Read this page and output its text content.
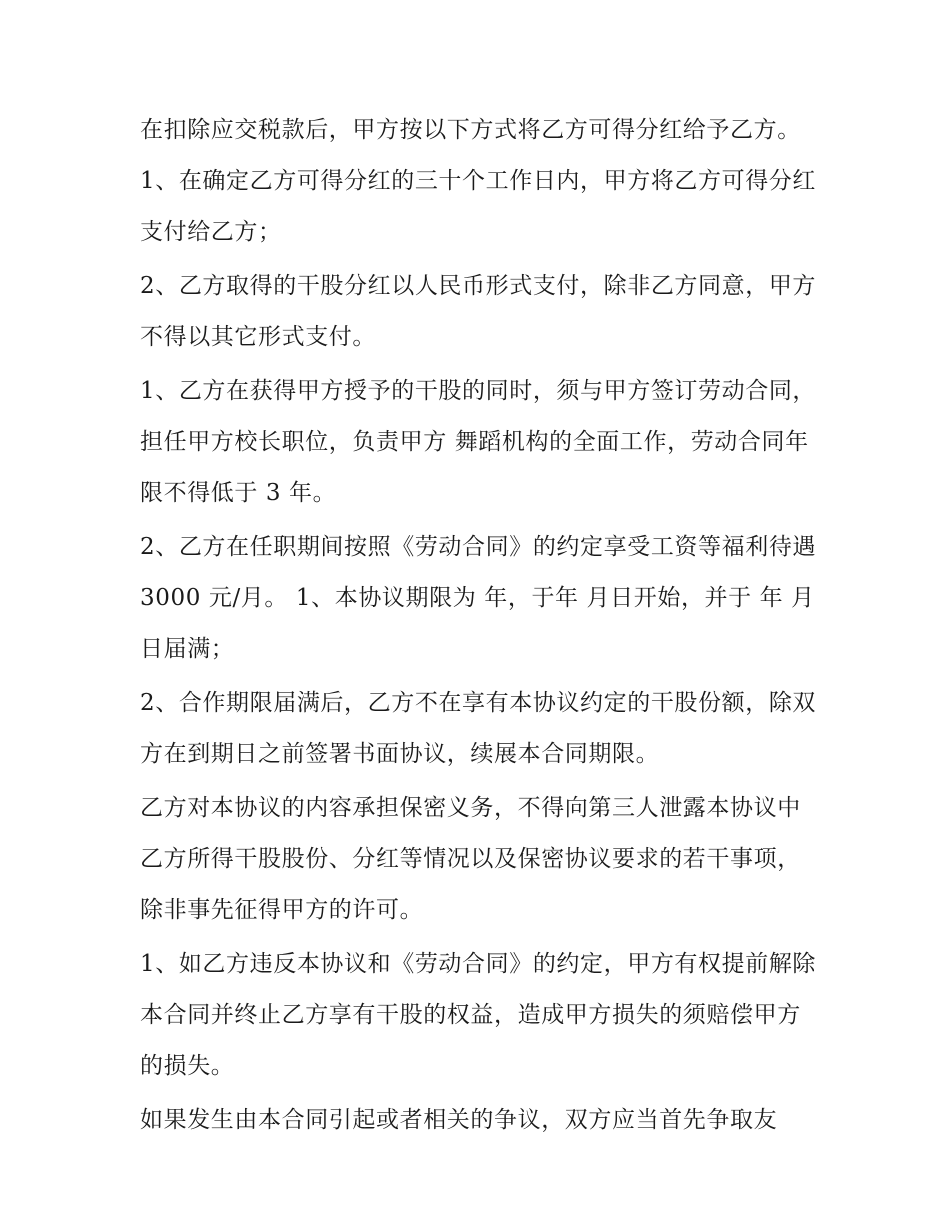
在扣除应交税款后，甲方按以下方式将乙方可得分红给予乙方。 1、在确定乙方可得分红的三十个工作日内，甲方将乙方可得分红支付给乙方；

2、乙方取得的干股分红以人民币形式支付，除非乙方同意，甲方不得以其它形式支付。

1、乙方在获得甲方授予的干股的同时，须与甲方签订劳动合同，担任甲方校长职位，负责甲方 舞蹈机构的全面工作，劳动合同年限不得低于 3 年。

2、乙方在任职期间按照《劳动合同》的约定享受工资等福利待遇 3000 元/月。 1、本协议期限为 年，于年 月日开始，并于 年 月日届满；

2、合作期限届满后，乙方不在享有本协议约定的干股份额，除双方在到期日之前签署书面协议，续展本合同期限。

乙方对本协议的内容承担保密义务，不得向第三人泄露本协议中乙方所得干股股份、分红等情况以及保密协议要求的若干事项，除非事先征得甲方的许可。

1、如乙方违反本协议和《劳动合同》的约定，甲方有权提前解除本合同并终止乙方享有干股的权益，造成甲方损失的须赔偿甲方的损失。

如果发生由本合同引起或者相关的争议，双方应当首先争取友
